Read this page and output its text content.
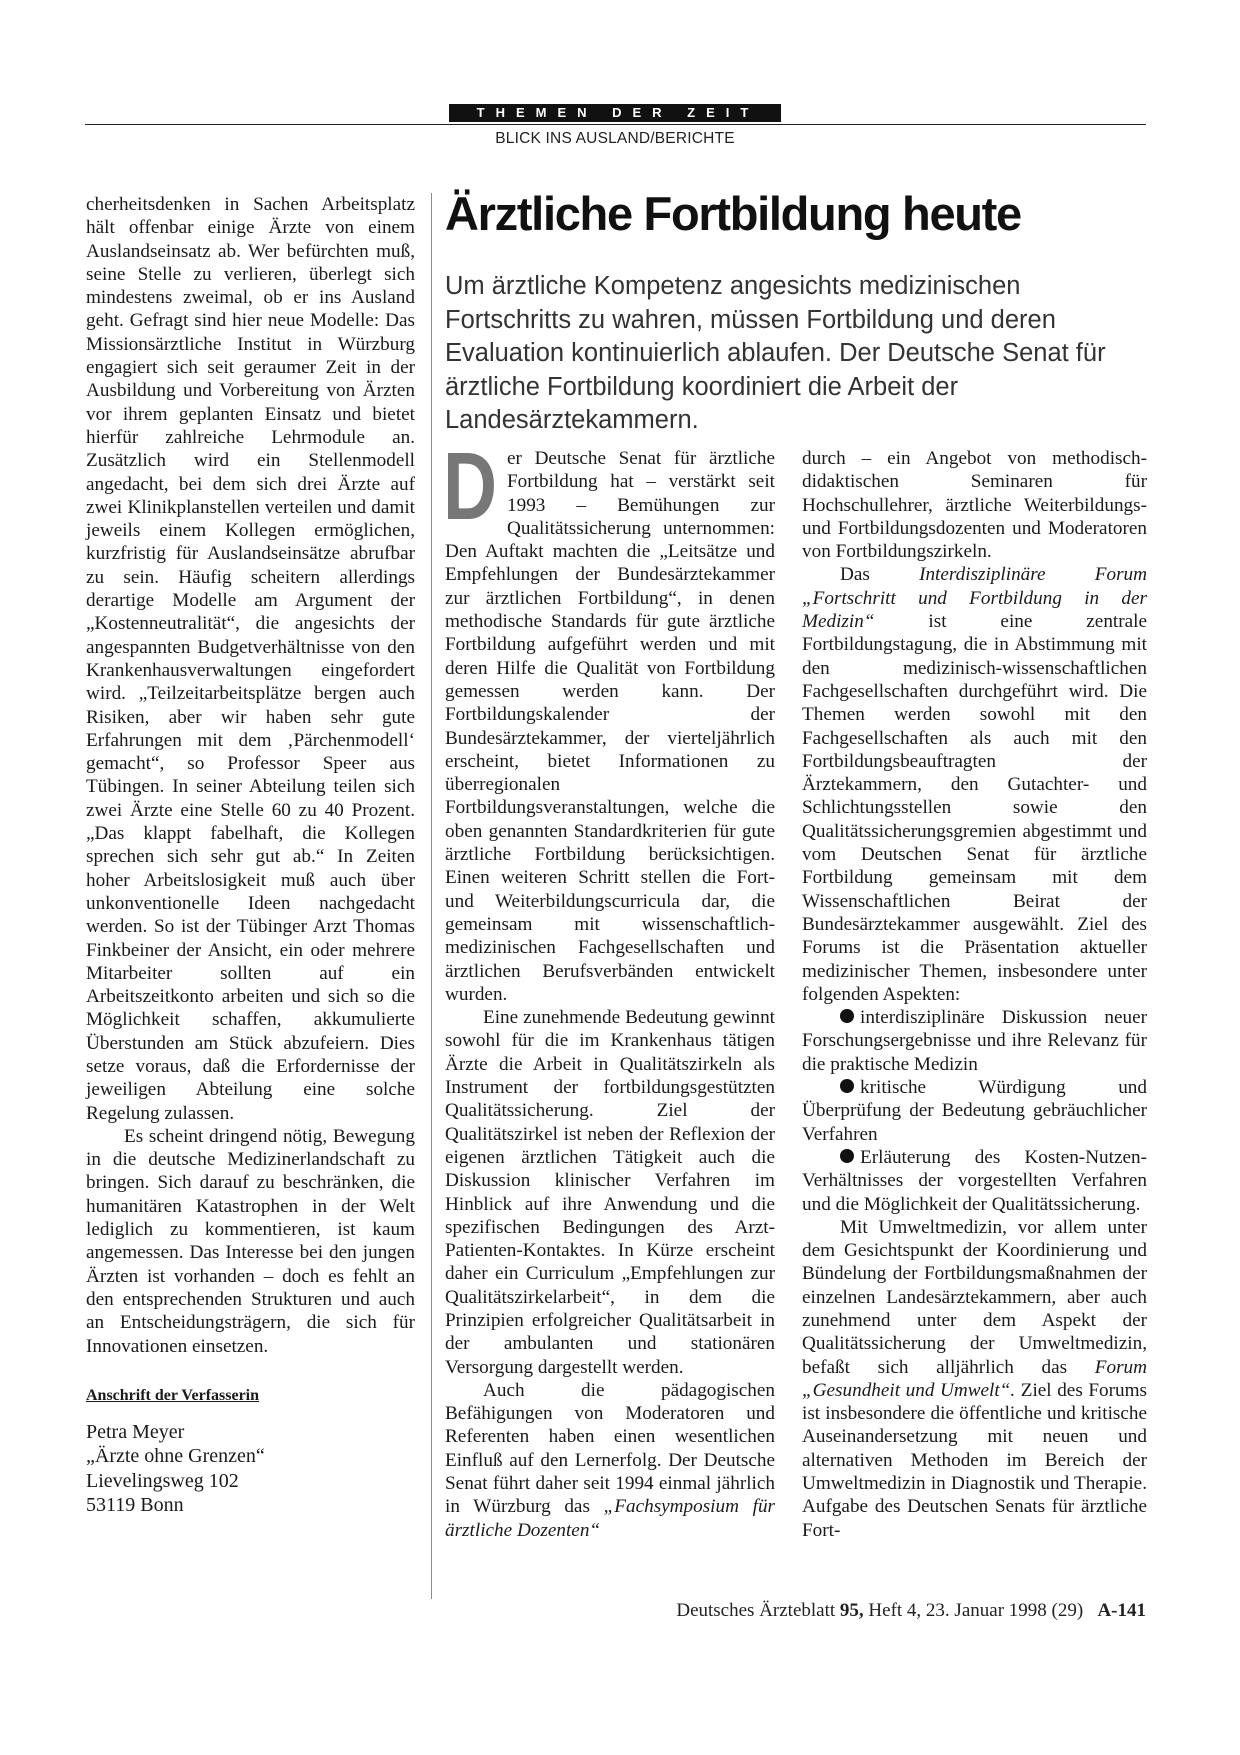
THEMEN DER ZEIT
BLICK INS AUSLAND/BERICHTE
Ärztliche Fortbildung heute

Um ärztliche Kompetenz angesichts medizinischen Fortschritts zu wahren, müssen Fortbildung und deren Evaluation kontinuierlich ablaufen. Der Deutsche Senat für ärztliche Fortbildung koordiniert die Arbeit der Landesärztekammern.

cherheitsdenken in Sachen Arbeitsplatz hält offenbar einige Ärzte von einem Auslandseinsatz ab. Wer befürchten muß, seine Stelle zu verlieren, überlegt sich mindestens zweimal, ob er ins Ausland geht. Gefragt sind hier neue Modelle: Das Missionsärztliche Institut in Würzburg engagiert sich seit geraumer Zeit in der Ausbildung und Vorbereitung von Ärzten vor ihrem geplanten Einsatz und bietet hierfür zahlreiche Lehrmodule an. Zusätzlich wird ein Stellenmodell angedacht, bei dem sich drei Ärzte auf zwei Klinikplanstellen verteilen und damit jeweils einem Kollegen ermöglichen, kurzfristig für Auslandseinsätze abrufbar zu sein. Häufig scheitern allerdings derartige Modelle am Argument der „Kostenneutralität“, die angesichts der angespannten Budgetverhältnisse von den Krankenhausverwaltungen eingefordert wird. „Teilzeitarbeitsplätze bergen auch Risiken, aber wir haben sehr gute Erfahrungen mit dem ‚Pärchenmodell‘ gemacht“, so Professor Speer aus Tübingen. In seiner Abteilung teilen sich zwei Ärzte eine Stelle 60 zu 40 Prozent. „Das klappt fabelhaft, die Kollegen sprechen sich sehr gut ab.“ In Zeiten hoher Arbeitslosigkeit muß auch über unkonventionelle Ideen nachgedacht werden. So ist der Tübinger Arzt Thomas Finkbeiner der Ansicht, ein oder mehrere Mitarbeiter sollten auf ein Arbeitszeitkonto arbeiten und sich so die Möglichkeit schaffen, akkumulierte Überstunden am Stück abzufeiern. Dies setze voraus, daß die Erfordernisse der jeweiligen Abteilung eine solche Regelung zulassen.

Es scheint dringend nötig, Bewegung in die deutsche Medizinerlandschaft zu bringen. Sich darauf zu beschränken, die humanitären Katastrophen in der Welt lediglich zu kommentieren, ist kaum angemessen. Das Interesse bei den jungen Ärzten ist vorhanden – doch es fehlt an den entsprechenden Strukturen und auch an Entscheidungsträgern, die sich für Innovationen einsetzen.

Anschrift der Verfasserin

Petra Meyer
„Ärzte ohne Grenzen“
Lievelingsweg 102
53119 Bonn

Der Deutsche Senat für ärztliche Fortbildung hat – verstärkt seit 1993 – Bemühungen zur Qualitätssicherung unternommen: Den Auftakt machten die „Leitsätze und Empfehlungen der Bundesärztekammer zur ärztlichen Fortbildung“, in denen methodische Standards für gute ärztliche Fortbildung aufgeführt werden und mit deren Hilfe die Qualität von Fortbildung gemessen werden kann. Der Fortbildungskalender der Bundesärztekammer, der vierteljährlich erscheint, bietet Informationen zu überregionalen Fortbildungsveranstaltungen, welche die oben genannten Standardkriterien für gute ärztliche Fortbildung berücksichtigen. Einen weiteren Schritt stellen die Fort- und Weiterbildungscurricula dar, die gemeinsam mit wissenschaftlich-medizinischen Fachgesellschaften und ärztlichen Berufsverbänden entwickelt wurden.

Eine zunehmende Bedeutung gewinnt sowohl für die im Krankenhaus tätigen Ärzte die Arbeit in Qualitätszirkeln als Instrument der fortbildungsgestützten Qualitätssicherung. Ziel der Qualitätszirkel ist neben der Reflexion der eigenen ärztlichen Tätigkeit auch die Diskussion klinischer Verfahren im Hinblick auf ihre Anwendung und die spezifischen Bedingungen des Arzt-Patienten-Kontaktes. In Kürze erscheint daher ein Curriculum „Empfehlungen zur Qualitätszirkelarbeit“, in dem die Prinzipien erfolgreicher Qualitätsarbeit in der ambulanten und stationären Versorgung dargestellt werden.

Auch die pädagogischen Befähigungen von Moderatoren und Referenten haben einen wesentlichen Einfluß auf den Lernerfolg. Der Deutsche Senat führt daher seit 1994 einmal jährlich in Würzburg das „Fachsymposium für ärztliche Dozenten“

durch – ein Angebot von methodisch-didaktischen Seminaren für Hochschullehrer, ärztliche Weiterbildungs- und Fortbildungsdozenten und Moderatoren von Fortbildungszirkeln.

Das	Interdisziplinäre Forum „Fortschritt und Fortbildung in der Medizin“	ist eine zentrale Fortbildungstagung, die in Abstimmung mit den medizinisch-wissenschaftlichen Fachgesellschaften durchgeführt wird. Die Themen werden sowohl mit den Fachgesellschaften als auch mit den Fortbildungsbeauftragten der Ärztekammern, den Gutachter- und Schlichtungsstellen sowie den Qualitätssicherungsgremien abgestimmt und vom Deutschen Senat für ärztliche Fortbildung gemeinsam mit dem Wissenschaftlichen Beirat der Bundesärztekammer ausgewählt. Ziel des Forums ist die Präsentation aktueller medizinischer Themen, insbesondere unter folgenden Aspekten:

interdisziplinäre Diskussion neuer Forschungsergebnisse und ihre Relevanz für die praktische Medizin

kritische Würdigung und Überprüfung der Bedeutung gebräuchlicher Verfahren

Erläuterung des Kosten-Nutzen-Verhältnisses der vorgestellten Verfahren und die Möglichkeit der Qualitätssicherung.

Mit Umweltmedizin, vor allem unter dem Gesichtspunkt der Koordinierung und Bündelung der Fortbildungsmaßnahmen der einzelnen Landesärztekammern, aber auch zunehmend unter dem Aspekt der Qualitätssicherung der Umweltmedizin, befaßt sich alljährlich das Forum „Gesundheit und Umwelt“. Ziel des Forums ist insbesondere die öffentliche und kritische Auseinandersetzung mit neuen und alternativen Methoden im Bereich der Umweltmedizin in Diagnostik und Therapie. Aufgabe des Deutschen Senats für ärztliche Fort-

Deutsches Ärzteblatt 95, Heft 4, 23. Januar 1998 (29) A-141
